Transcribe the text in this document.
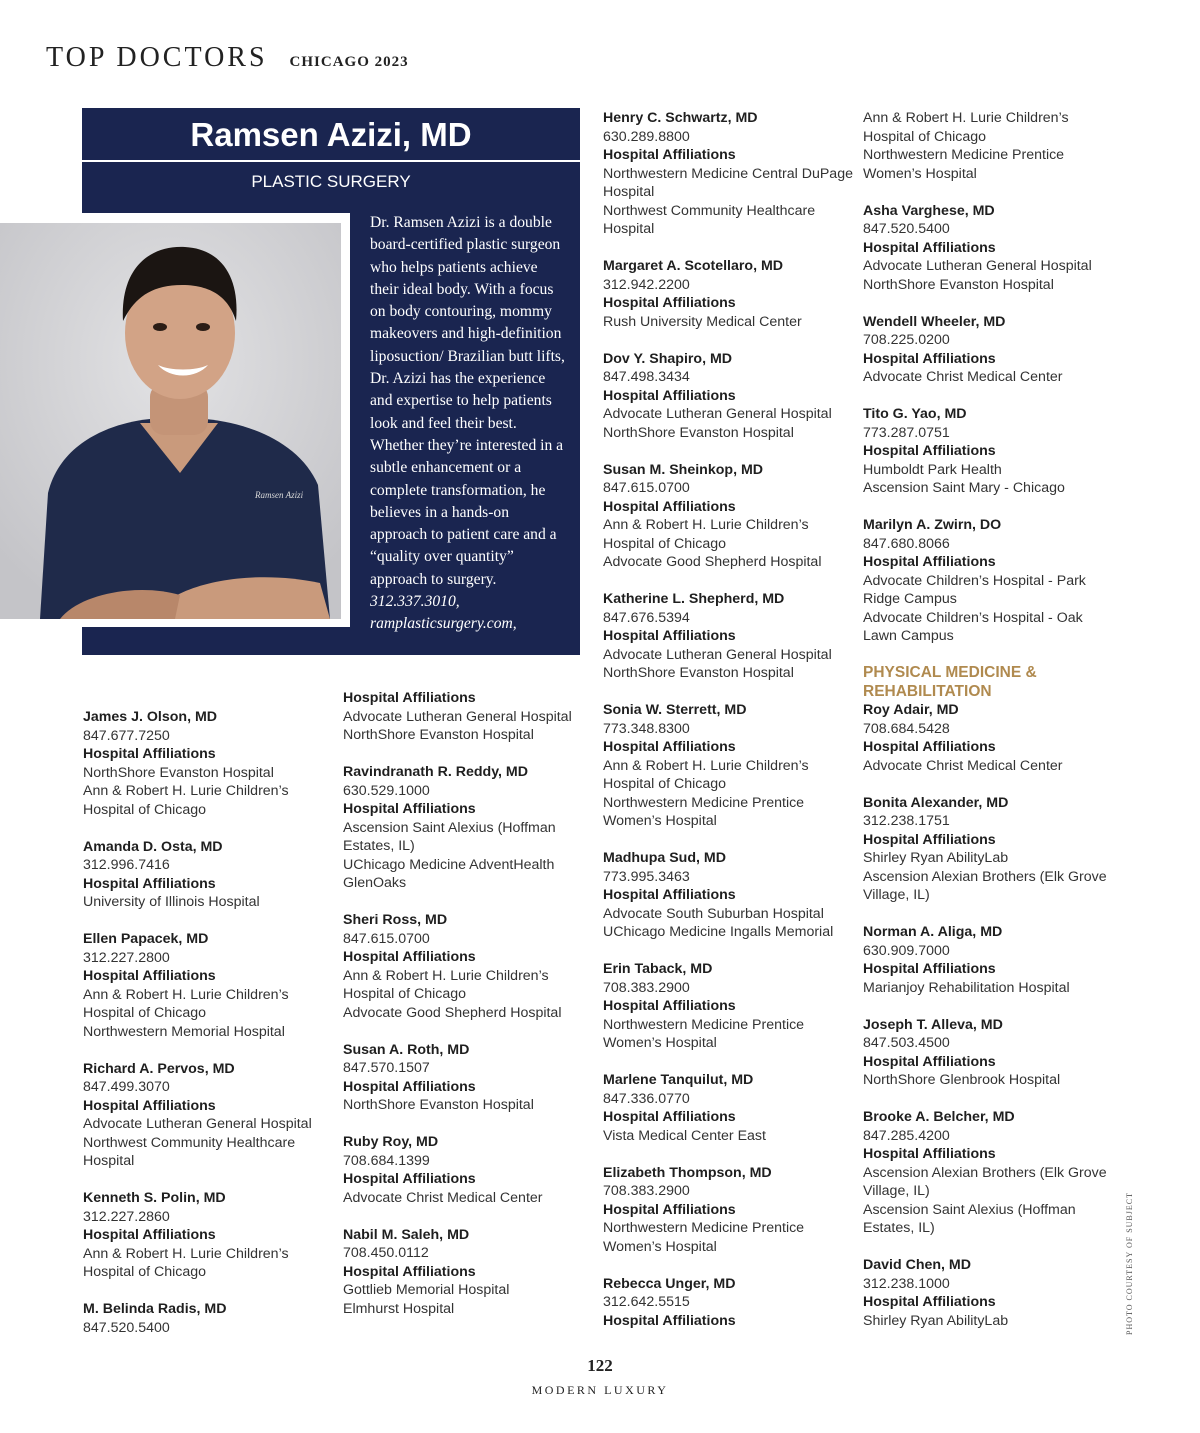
TOP DOCTORS CHICAGO 2023
Ramsen Azizi, MD
PLASTIC SURGERY
Dr. Ramsen Azizi is a double board-certified plastic surgeon who helps patients achieve their ideal body. With a focus on body contouring, mommy makeovers and high-definition liposuction/ Brazilian butt lifts, Dr. Azizi has the experience and expertise to help patients look and feel their best. Whether they’re interested in a subtle enhancement or a complete transformation, he believes in a hands-on approach to patient care and a “quality over quantity” approach to surgery. 312.337.3010, ramplasticsurgery.com,
Ramsen Azizi
James J. Olson, MD
847.677.7250
Hospital Affiliations
NorthShore Evanston Hospital
Ann & Robert H. Lurie Children’s Hospital of Chicago
Amanda D. Osta, MD
312.996.7416
Hospital Affiliations
University of Illinois Hospital
Ellen Papacek, MD
312.227.2800
Hospital Affiliations
Ann & Robert H. Lurie Children’s Hospital of Chicago
Northwestern Memorial Hospital
Richard A. Pervos, MD
847.499.3070
Hospital Affiliations
Advocate Lutheran General Hospital
Northwest Community Healthcare Hospital
Kenneth S. Polin, MD
312.227.2860
Hospital Affiliations
Ann & Robert H. Lurie Children’s Hospital of Chicago
M. Belinda Radis, MD
847.520.5400
Hospital Affiliations
Advocate Lutheran General Hospital
NorthShore Evanston Hospital
Ravindranath R. Reddy, MD
630.529.1000
Hospital Affiliations
Ascension Saint Alexius (Hoffman Estates, IL)
UChicago Medicine AdventHealth GlenOaks
Sheri Ross, MD
847.615.0700
Hospital Affiliations
Ann & Robert H. Lurie Children’s Hospital of Chicago
Advocate Good Shepherd Hospital
Susan A. Roth, MD
847.570.1507
Hospital Affiliations
NorthShore Evanston Hospital
Ruby Roy, MD
708.684.1399
Hospital Affiliations
Advocate Christ Medical Center
Nabil M. Saleh, MD
708.450.0112
Hospital Affiliations
Gottlieb Memorial Hospital
Elmhurst Hospital
Henry C. Schwartz, MD
630.289.8800
Hospital Affiliations
Northwestern Medicine Central DuPage Hospital
Northwest Community Healthcare Hospital
Margaret A. Scotellaro, MD
312.942.2200
Hospital Affiliations
Rush University Medical Center
Dov Y. Shapiro, MD
847.498.3434
Hospital Affiliations
Advocate Lutheran General Hospital
NorthShore Evanston Hospital
Susan M. Sheinkop, MD
847.615.0700
Hospital Affiliations
Ann & Robert H. Lurie Children’s Hospital of Chicago
Advocate Good Shepherd Hospital
Katherine L. Shepherd, MD
847.676.5394
Hospital Affiliations
Advocate Lutheran General Hospital
NorthShore Evanston Hospital
Sonia W. Sterrett, MD
773.348.8300
Hospital Affiliations
Ann & Robert H. Lurie Children’s Hospital of Chicago
Northwestern Medicine Prentice Women’s Hospital
Madhupa Sud, MD
773.995.3463
Hospital Affiliations
Advocate South Suburban Hospital
UChicago Medicine Ingalls Memorial
Erin Taback, MD
708.383.2900
Hospital Affiliations
Northwestern Medicine Prentice Women’s Hospital
Marlene Tanquilut, MD
847.336.0770
Hospital Affiliations
Vista Medical Center East
Elizabeth Thompson, MD
708.383.2900
Hospital Affiliations
Northwestern Medicine Prentice Women’s Hospital
Rebecca Unger, MD
312.642.5515
Hospital Affiliations
Ann & Robert H. Lurie Children’s Hospital of Chicago
Northwestern Medicine Prentice Women’s Hospital
Asha Varghese, MD
847.520.5400
Hospital Affiliations
Advocate Lutheran General Hospital
NorthShore Evanston Hospital
Wendell Wheeler, MD
708.225.0200
Hospital Affiliations
Advocate Christ Medical Center
Tito G. Yao, MD
773.287.0751
Hospital Affiliations
Humboldt Park Health
Ascension Saint Mary - Chicago
Marilyn A. Zwirn, DO
847.680.8066
Hospital Affiliations
Advocate Children’s Hospital - Park Ridge Campus
Advocate Children’s Hospital - Oak Lawn Campus
PHYSICAL MEDICINE & REHABILITATION
Roy Adair, MD
708.684.5428
Hospital Affiliations
Advocate Christ Medical Center
Bonita Alexander, MD
312.238.1751
Hospital Affiliations
Shirley Ryan AbilityLab
Ascension Alexian Brothers (Elk Grove Village, IL)
Norman A. Aliga, MD
630.909.7000
Hospital Affiliations
Marianjoy Rehabilitation Hospital
Joseph T. Alleva, MD
847.503.4500
Hospital Affiliations
NorthShore Glenbrook Hospital
Brooke A. Belcher, MD
847.285.4200
Hospital Affiliations
Ascension Alexian Brothers (Elk Grove Village, IL)
Ascension Saint Alexius (Hoffman Estates, IL)
David Chen, MD
312.238.1000
Hospital Affiliations
Shirley Ryan AbilityLab	PHOTO COURTESY OF SUBJECT
122
MODERN LUXURY
